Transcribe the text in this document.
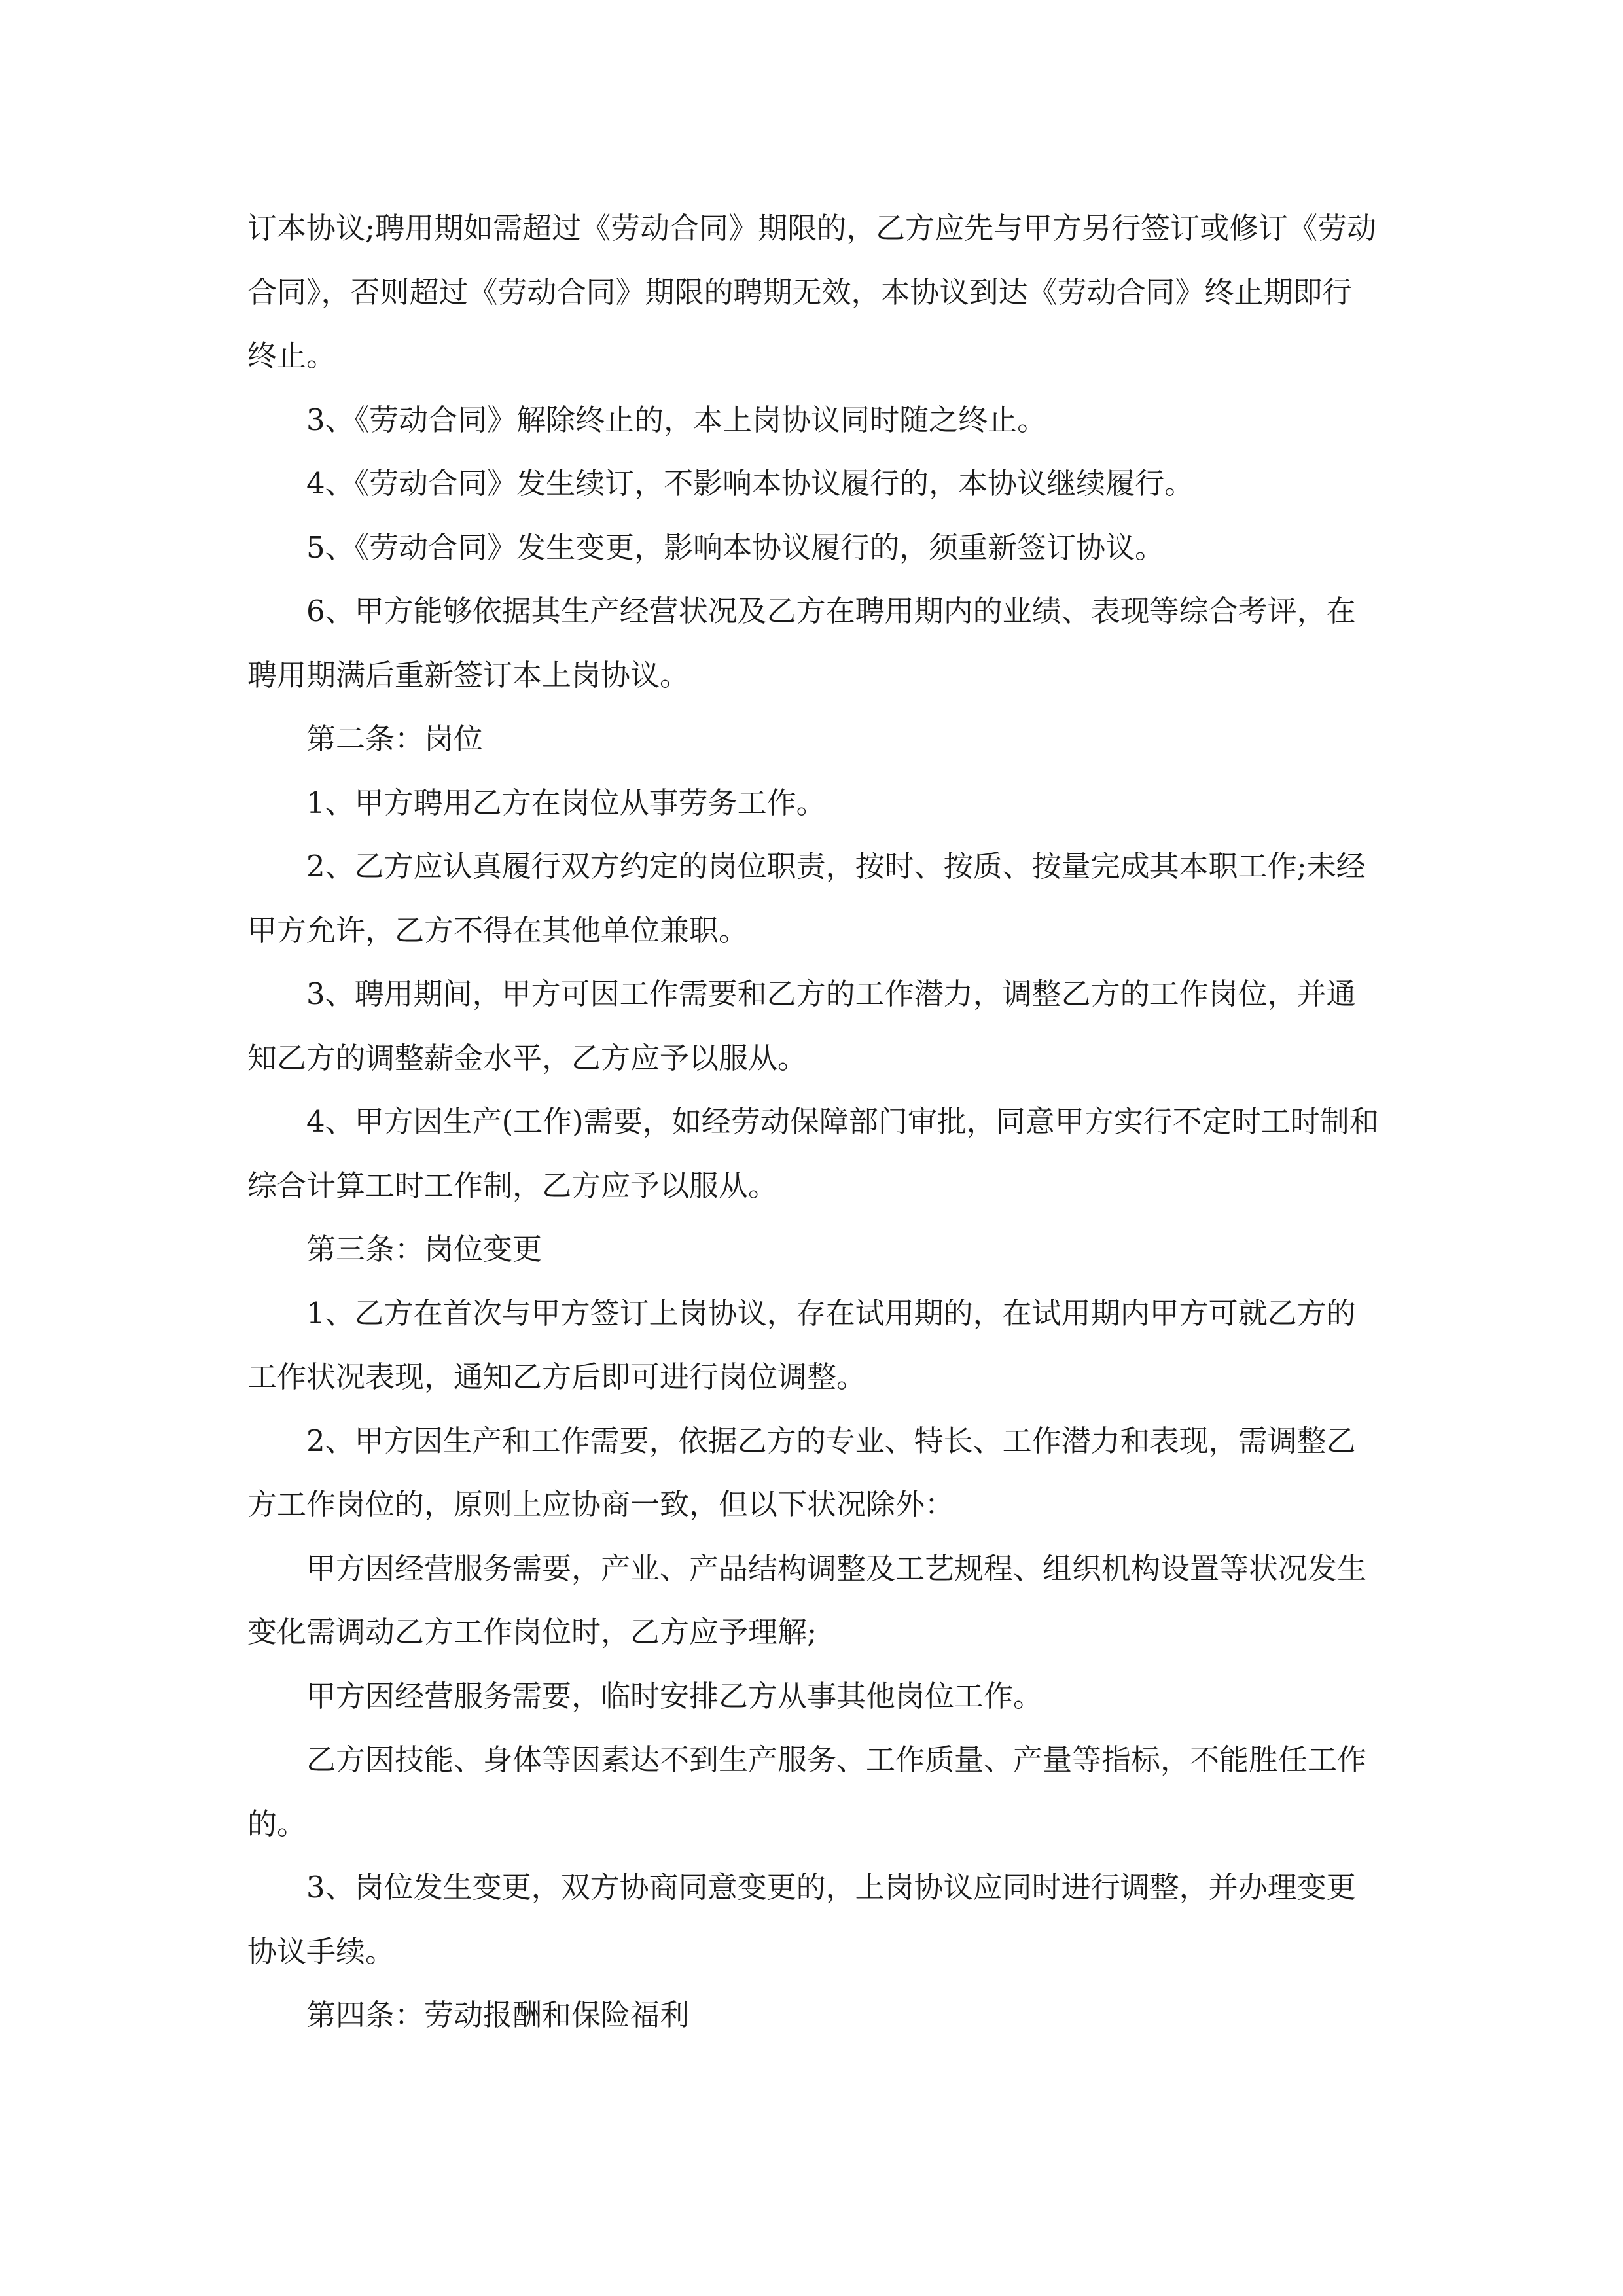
订本协议;聘用期如需超过《劳动合同》期限的，乙方应先与甲方另行签订或修订《劳动合同》，否则超过《劳动合同》期限的聘期无效，本协议到达《劳动合同》终止期即行终止。

3、《劳动合同》解除终止的，本上岗协议同时随之终止。

4、《劳动合同》发生续订，不影响本协议履行的，本协议继续履行。

5、《劳动合同》发生变更，影响本协议履行的，须重新签订协议。

6、甲方能够依据其生产经营状况及乙方在聘用期内的业绩、表现等综合考评，在聘用期满后重新签订本上岗协议。

第二条：岗位

1、甲方聘用乙方在岗位从事劳务工作。

2、乙方应认真履行双方约定的岗位职责，按时、按质、按量完成其本职工作;未经甲方允许，乙方不得在其他单位兼职。

3、聘用期间，甲方可因工作需要和乙方的工作潜力，调整乙方的工作岗位，并通知乙方的调整薪金水平，乙方应予以服从。

4、甲方因生产(工作)需要，如经劳动保障部门审批，同意甲方实行不定时工时制和综合计算工时工作制，乙方应予以服从。

第三条：岗位变更

1、乙方在首次与甲方签订上岗协议，存在试用期的，在试用期内甲方可就乙方的工作状况表现，通知乙方后即可进行岗位调整。

2、甲方因生产和工作需要，依据乙方的专业、特长、工作潜力和表现，需调整乙方工作岗位的，原则上应协商一致，但以下状况除外：

甲方因经营服务需要，产业、产品结构调整及工艺规程、组织机构设置等状况发生变化需调动乙方工作岗位时，乙方应予理解;

甲方因经营服务需要，临时安排乙方从事其他岗位工作。

乙方因技能、身体等因素达不到生产服务、工作质量、产量等指标，不能胜任工作的。

3、岗位发生变更，双方协商同意变更的，上岗协议应同时进行调整，并办理变更协议手续。

第四条：劳动报酬和保险福利
